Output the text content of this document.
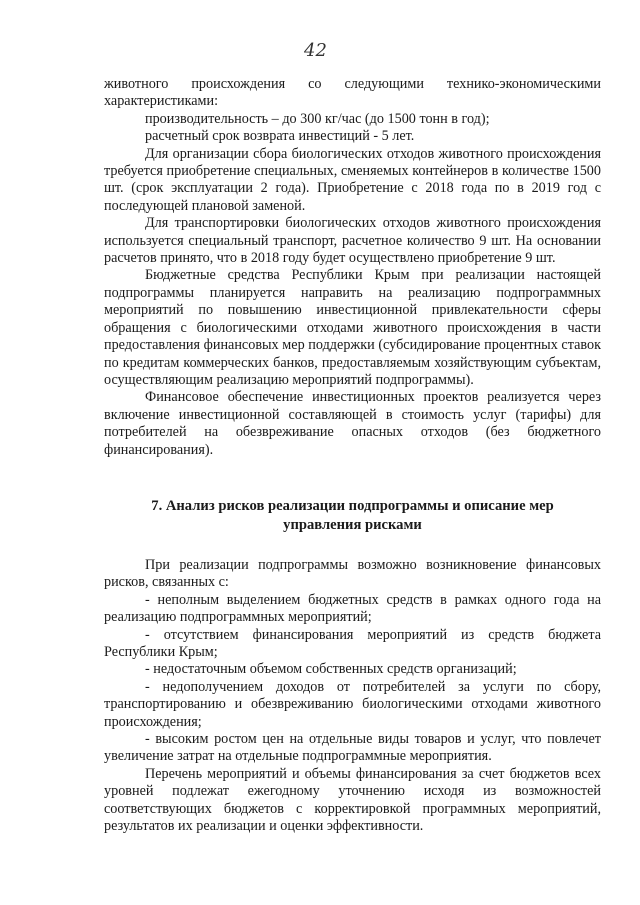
42

животного происхождения со следующими технико-экономическими характеристиками:

производительность – до 300 кг/час (до 1500 тонн в год);

расчетный срок возврата инвестиций - 5 лет.

Для организации сбора биологических отходов животного происхождения требуется приобретение специальных, сменяемых контейнеров в количестве 1500 шт. (срок эксплуатации 2 года). Приобретение с 2018 года по в 2019 год с последующей плановой заменой.

Для транспортировки биологических отходов животного происхождения используется специальный транспорт, расчетное количество 9 шт. На основании расчетов принято, что в 2018 году будет осуществлено приобретение 9 шт.

Бюджетные средства Республики Крым при реализации настоящей подпрограммы планируется направить на реализацию подпрограммных мероприятий по повышению инвестиционной привлекательности сферы обращения с биологическими отходами животного происхождения в части предоставления финансовых мер поддержки (субсидирование процентных ставок по кредитам коммерческих банков, предоставляемым хозяйствующим субъектам, осуществляющим реализацию мероприятий подпрограммы).

Финансовое обеспечение инвестиционных проектов реализуется через включение инвестиционной составляющей в стоимость услуг (тарифы) для потребителей на обезвреживание опасных отходов (без бюджетного финансирования).

7. Анализ рисков реализации подпрограммы и описание мер управления рисками

При реализации подпрограммы возможно возникновение финансовых рисков, связанных с:

- неполным выделением бюджетных средств в рамках одного года на реализацию подпрограммных мероприятий;

- отсутствием финансирования мероприятий из средств бюджета Республики Крым;

- недостаточным объемом собственных средств организаций;

- недополучением доходов от потребителей за услуги по сбору, транспортированию и обезвреживанию биологическими отходами животного происхождения;

- высоким ростом цен на отдельные виды товаров и услуг, что повлечет увеличение затрат на отдельные подпрограммные мероприятия.

Перечень мероприятий и объемы финансирования за счет бюджетов всех уровней подлежат ежегодному уточнению исходя из возможностей соответствующих бюджетов с корректировкой программных мероприятий, результатов их реализации и оценки эффективности.
